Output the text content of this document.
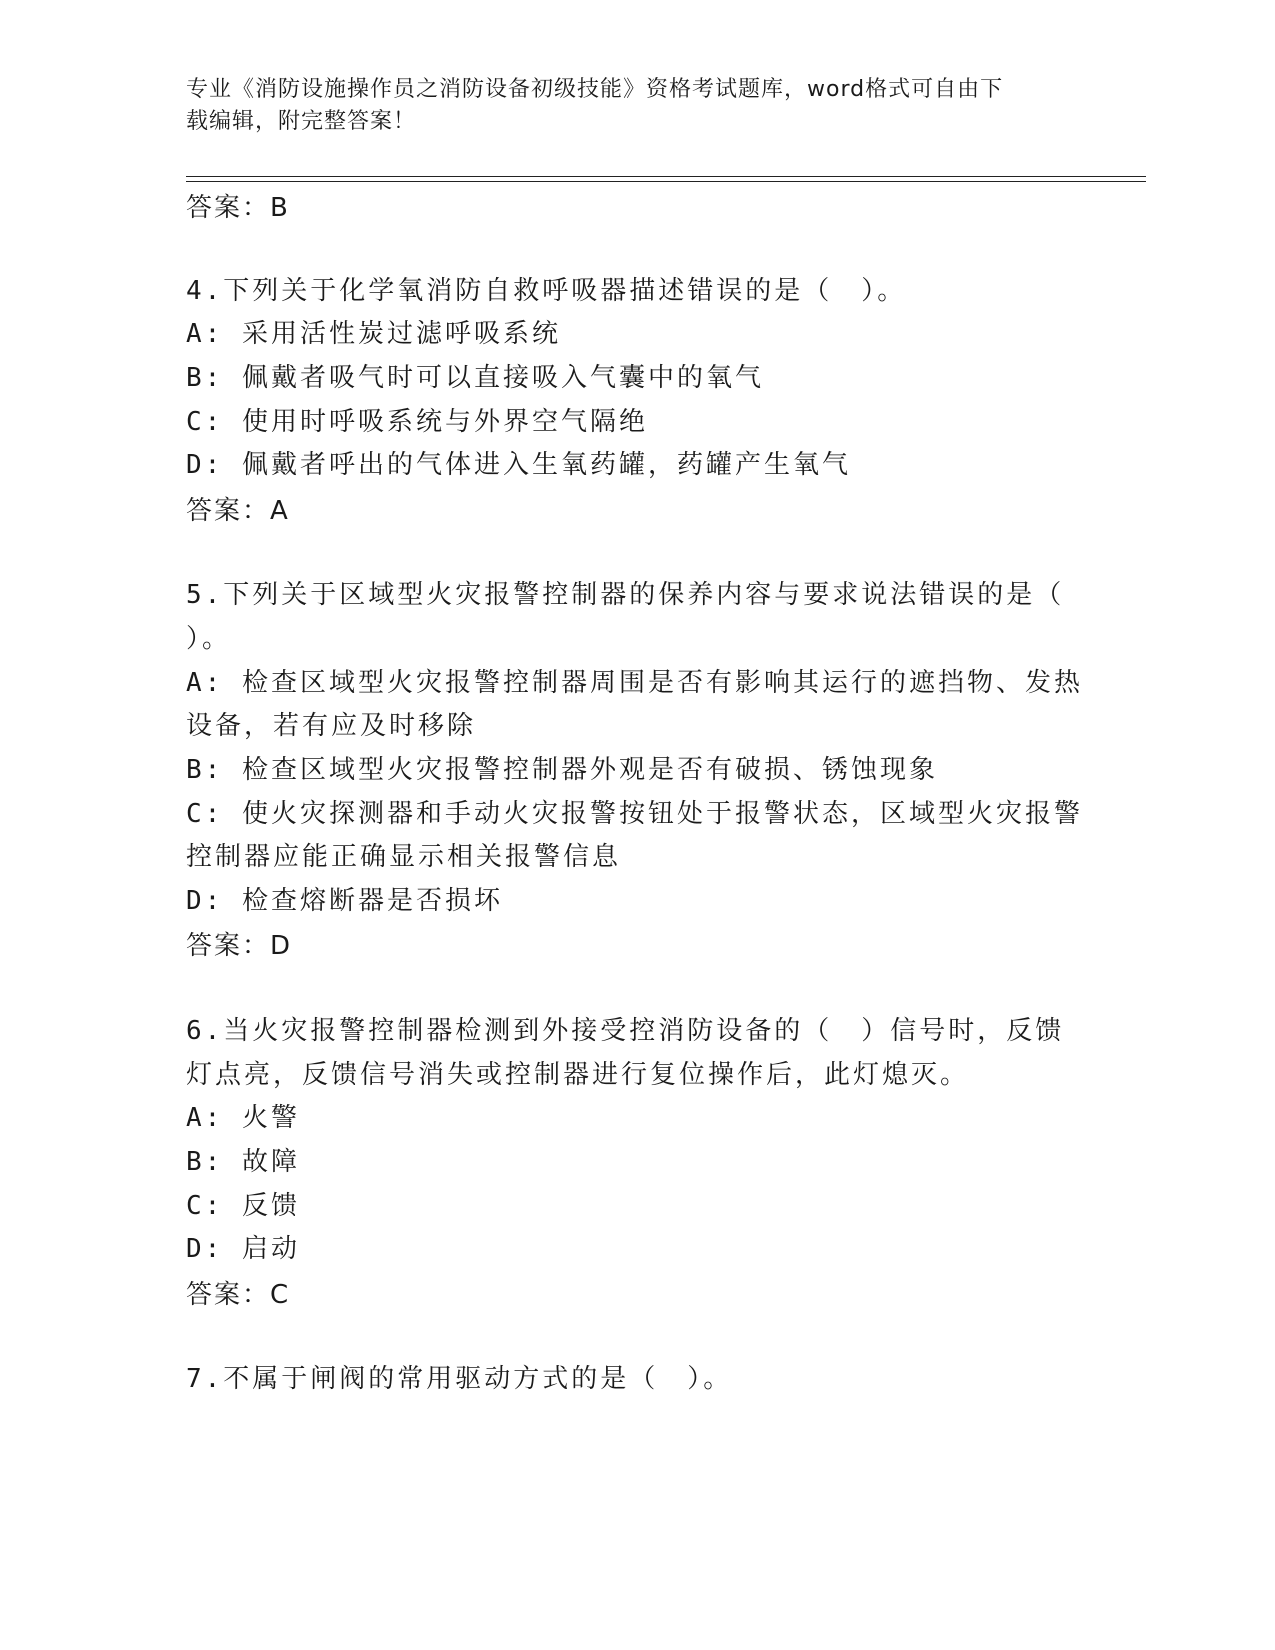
专业《消防设施操作员之消防设备初级技能》资格考试题库，word格式可自由下
载编辑，附完整答案！
答案：B
4.下列关于化学氧消防自救呼吸器描述错误的是（　）。
A: 采用活性炭过滤呼吸系统
B: 佩戴者吸气时可以直接吸入气囊中的氧气
C: 使用时呼吸系统与外界空气隔绝
D: 佩戴者呼出的气体进入生氧药罐，药罐产生氧气
答案：A
5.下列关于区域型火灾报警控制器的保养内容与要求说法错误的是（
）。
A: 检查区域型火灾报警控制器周围是否有影响其运行的遮挡物、发热
设备，若有应及时移除
B: 检查区域型火灾报警控制器外观是否有破损、锈蚀现象
C: 使火灾探测器和手动火灾报警按钮处于报警状态，区域型火灾报警
控制器应能正确显示相关报警信息
D: 检查熔断器是否损坏
答案：D
6.当火灾报警控制器检测到外接受控消防设备的（　）信号时，反馈
灯点亮，反馈信号消失或控制器进行复位操作后，此灯熄灭。
A: 火警
B: 故障
C: 反馈
D: 启动
答案：C
7.不属于闸阀的常用驱动方式的是（　）。
